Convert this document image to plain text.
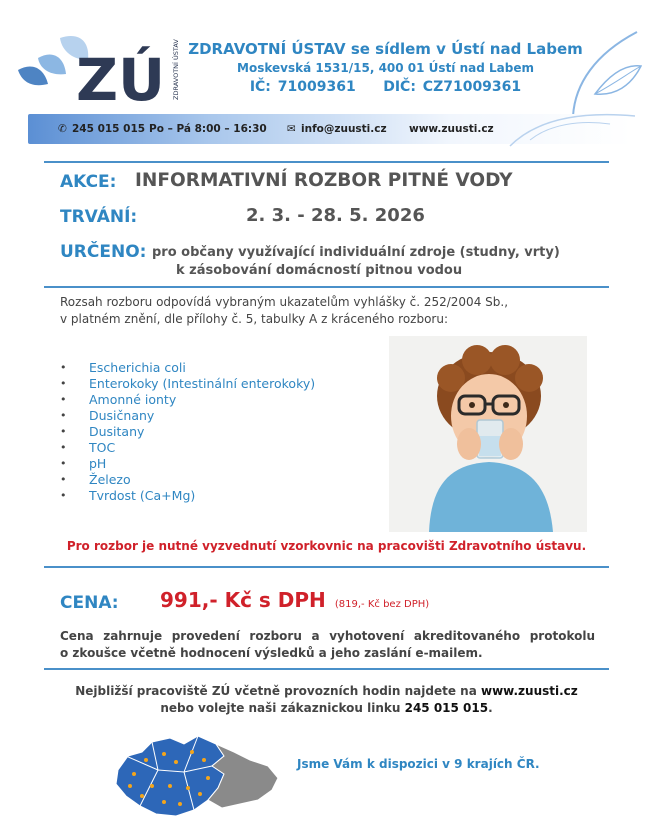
ZÚ ZDRAVOTNÍ ÚSTAV ZDRAVOTNÍ ÚSTAV se sídlem v Ústí nad Labem
Moskevská 1531/15, 400 01 Ústí nad Labem
IČ: 71009361 DIČ: CZ71009361
✆ 245 015 015 Po – Pá 8:00 – 16:30 ✉ info@zuusti.cz www.zuusti.cz
AKCE: INFORMATIVNÍ ROZBOR PITNÉ VODY
TRVÁNÍ:	2. 3. - 28. 5. 2026
URČENO: pro občany využívající individuální zdroje (studny, vrty)
k zásobování domácností pitnou vodou
Rozsah rozboru odpovídá vybraným ukazatelům vyhlášky č. 252/2004 Sb.,
v platném znění, dle přílohy č. 5, tabulky A z kráceného rozboru:
• Escherichia coli
• Enterokoky (Intestinální enterokoky)
• Amonné ionty
• Dusičnany
• Dusitany
• TOC
• pH
• Železo
• Tvrdost (Ca+Mg)
Pro rozbor je nutné vyzvednutí vzorkovnic na pracovišti Zdravotního ústavu.
CENA: 991,- Kč s DPH (819,- Kč bez DPH)
Cena zahrnuje provedení rozboru a vyhotovení akreditovaného protokolu
o zkoušce včetně hodnocení výsledků a jeho zaslání e-mailem.
Nejbližší pracoviště ZÚ včetně provozních hodin najdete na www.zuusti.cz
nebo volejte naši zákaznickou linku 245 015 015.
Jsme Vám k dispozici v 9 krajích ČR.
